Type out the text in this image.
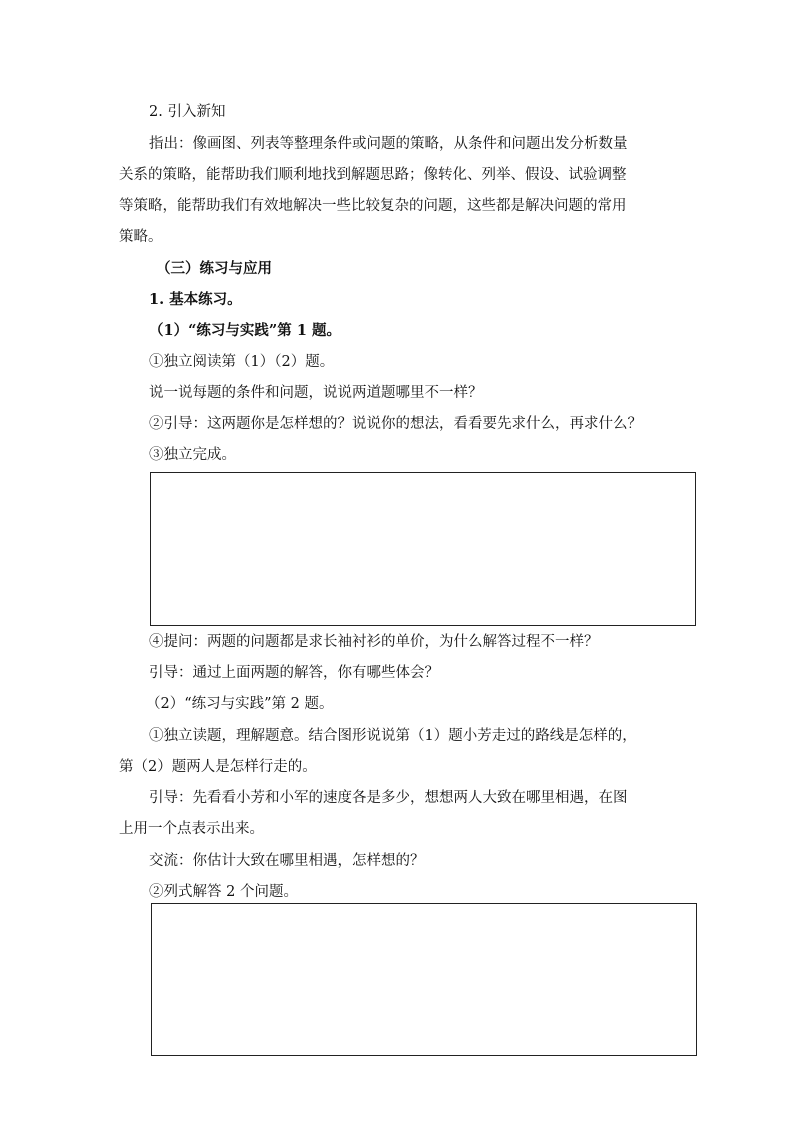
2. 引入新知
指出：像画图、列表等整理条件或问题的策略，从条件和问题出发分析数量
关系的策略，能帮助我们顺利地找到解题思路；像转化、列举、假设、试验调整
等策略，能帮助我们有效地解决一些比较复杂的问题，这些都是解决问题的常用
策略。
（三）练习与应用
1. 基本练习。
（1）“练习与实践”第 1 题。
①独立阅读第（1）（2）题。
说一说每题的条件和问题，说说两道题哪里不一样？
②引导：这两题你是怎样想的？说说你的想法，看看要先求什么，再求什么？
③独立完成。
④提问：两题的问题都是求长袖衬衫的单价，为什么解答过程不一样？
引导：通过上面两题的解答，你有哪些体会？
（2）“练习与实践”第 2 题。
①独立读题，理解题意。结合图形说说第（1）题小芳走过的路线是怎样的，
第（2）题两人是怎样行走的。
引导：先看看小芳和小军的速度各是多少，想想两人大致在哪里相遇，在图
上用一个点表示出来。
交流：你估计大致在哪里相遇，怎样想的？
②列式解答 2 个问题。
